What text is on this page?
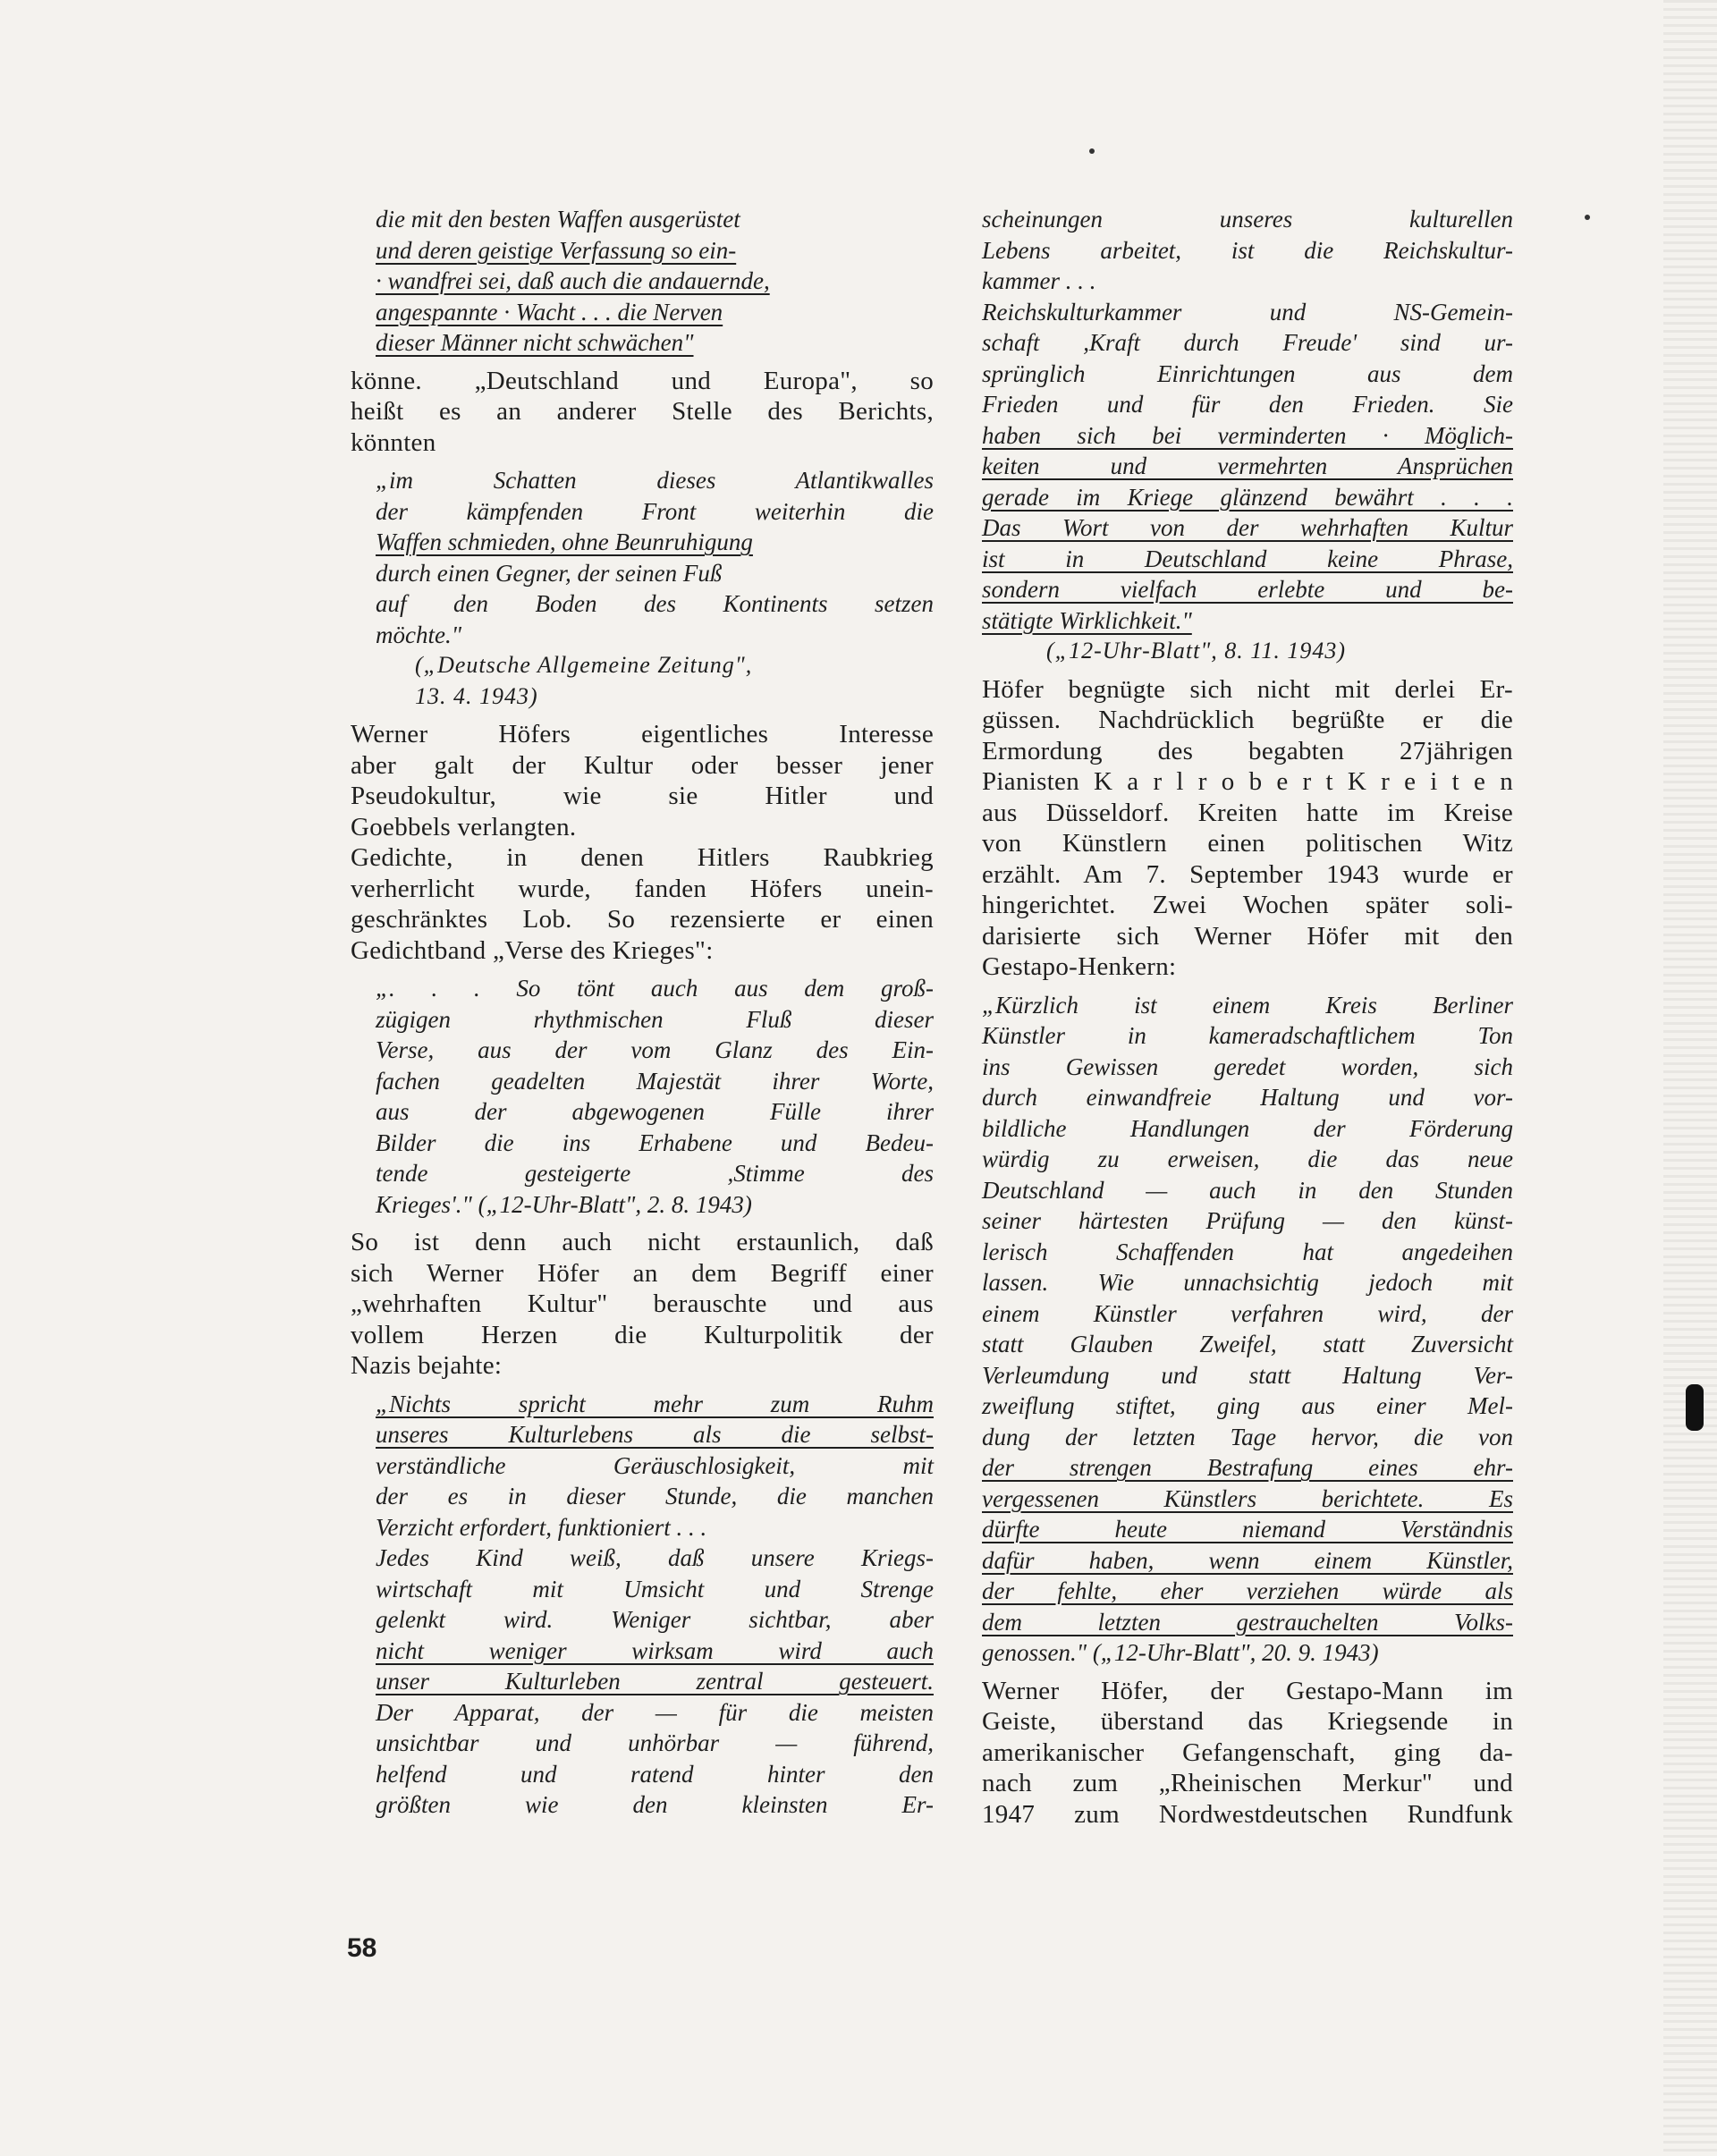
die mit den besten Waffen ausgerüstet
und deren geistige Verfassung so ein-
· wandfrei sei, daß auch die andauernde,
angespannte · Wacht . . . die Nerven
dieser Männer nicht schwächen"
könne. „Deutschland und Europa", so
heißt es an anderer Stelle des Berichts,
könnten
„im Schatten dieses Atlantikwalles
der kämpfenden Front weiterhin die
Waffen schmieden, ohne Beunruhigung
durch einen Gegner, der seinen Fuß
auf den Boden des Kontinents setzen
möchte."
(„Deutsche Allgemeine Zeitung",
13. 4. 1943)
Werner Höfers eigentliches Interesse
aber galt der Kultur oder besser jener
Pseudokultur, wie sie Hitler und
Goebbels verlangten.
Gedichte, in denen Hitlers Raubkrieg
verherrlicht wurde, fanden Höfers unein-
geschränktes Lob. So rezensierte er einen
Gedichtband „Verse des Krieges":
„. . . So tönt auch aus dem groß-
zügigen rhythmischen Fluß dieser
Verse, aus der vom Glanz des Ein-
fachen geadelten Majestät ihrer Worte,
aus der abgewogenen Fülle ihrer
Bilder die ins Erhabene und Bedeu-
tende gesteigerte ,Stimme des
Krieges'." („12-Uhr-Blatt", 2. 8. 1943)
So ist denn auch nicht erstaunlich, daß
sich Werner Höfer an dem Begriff einer
„wehrhaften Kultur" berauschte und aus
vollem Herzen die Kulturpolitik der
Nazis bejahte:
„Nichts spricht mehr zum Ruhm
unseres Kulturlebens als die selbst-
verständliche Geräuschlosigkeit, mit
der es in dieser Stunde, die manchen
Verzicht erfordert, funktioniert . . .
Jedes Kind weiß, daß unsere Kriegs-
wirtschaft mit Umsicht und Strenge
gelenkt wird. Weniger sichtbar, aber
nicht weniger wirksam wird auch
unser Kulturleben zentral gesteuert.
Der Apparat, der — für die meisten
unsichtbar und unhörbar — führend,
helfend und ratend hinter den
größten wie den kleinsten Er-
scheinungen unseres kulturellen
Lebens arbeitet, ist die Reichskultur-
kammer . . .
Reichskulturkammer und NS-Gemein-
schaft ,Kraft durch Freude' sind ur-
sprünglich Einrichtungen aus dem
Frieden und für den Frieden. Sie
haben sich bei verminderten · Möglich-
keiten und vermehrten Ansprüchen
gerade im Kriege glänzend bewährt . . .
Das Wort von der wehrhaften Kultur
ist in Deutschland keine Phrase,
sondern vielfach erlebte und be-
stätigte Wirklichkeit."
(„12-Uhr-Blatt", 8. 11. 1943)
Höfer begnügte sich nicht mit derlei Er-
güssen. Nachdrücklich begrüßte er die
Ermordung des begabten 27jährigen
Pianisten K a r l r o b e r t K r e i t e n
aus Düsseldorf. Kreiten hatte im Kreise
von Künstlern einen politischen Witz
erzählt. Am 7. September 1943 wurde er
hingerichtet. Zwei Wochen später soli-
darisierte sich Werner Höfer mit den
Gestapo-Henkern:
„Kürzlich ist einem Kreis Berliner
Künstler in kameradschaftlichem Ton
ins Gewissen geredet worden, sich
durch einwandfreie Haltung und vor-
bildliche Handlungen der Förderung
würdig zu erweisen, die das neue
Deutschland — auch in den Stunden
seiner härtesten Prüfung — den künst-
lerisch Schaffenden hat angedeihen
lassen. Wie unnachsichtig jedoch mit
einem Künstler verfahren wird, der
statt Glauben Zweifel, statt Zuversicht
Verleumdung und statt Haltung Ver-
zweiflung stiftet, ging aus einer Mel-
dung der letzten Tage hervor, die von
der strengen Bestrafung eines ehr-
vergessenen Künstlers berichtete. Es
dürfte heute niemand Verständnis
dafür haben, wenn einem Künstler,
der fehlte, eher verziehen würde als
dem letzten gestrauchelten Volks-
genossen." („12-Uhr-Blatt", 20. 9. 1943)
Werner Höfer, der Gestapo-Mann im
Geiste, überstand das Kriegsende in
amerikanischer Gefangenschaft, ging da-
nach zum „Rheinischen Merkur" und
1947 zum Nordwestdeutschen Rundfunk
58
